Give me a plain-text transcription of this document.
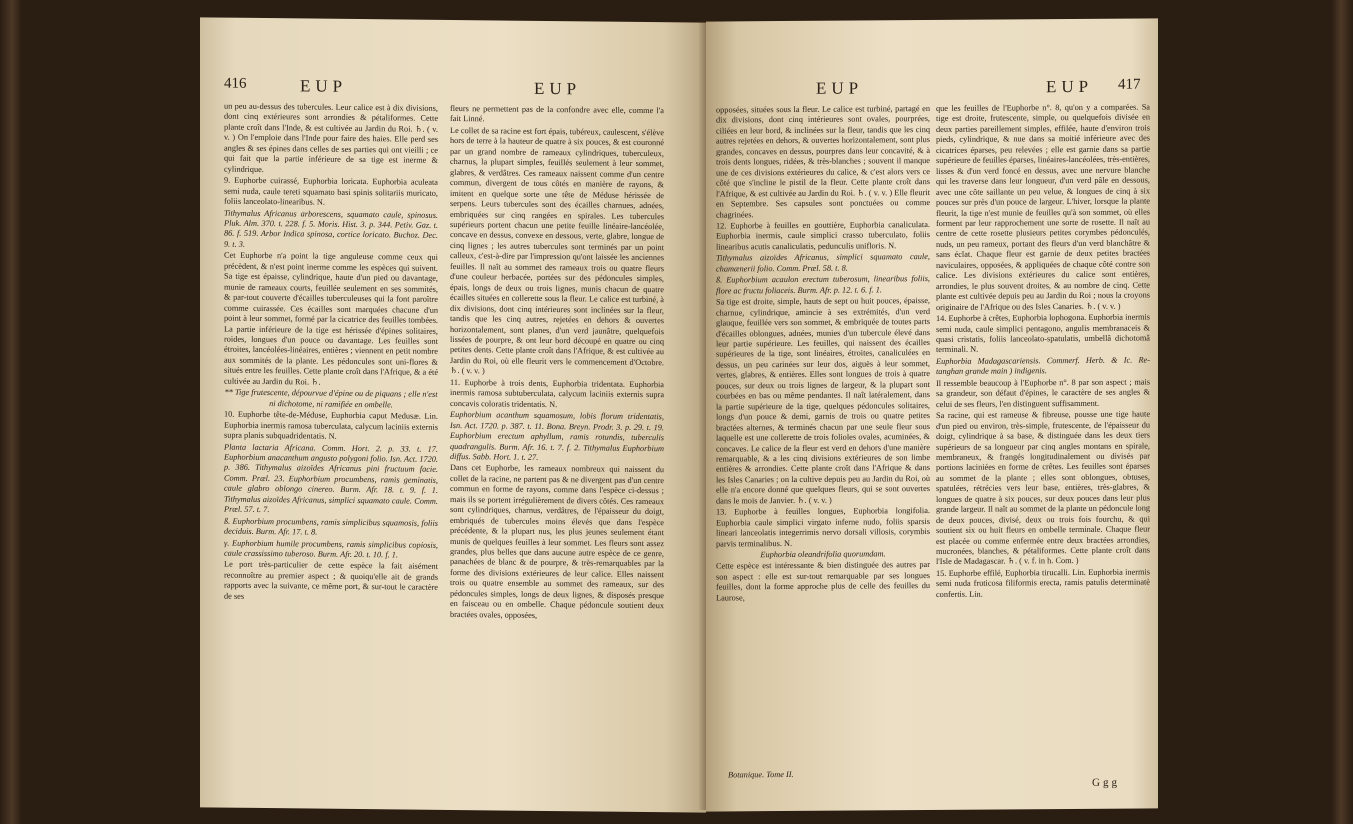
416	EUP	EUP

un peu au-dessus des tubercules. Leur calice est à dix divisions, dont cinq extérieures sont arrondies & pétaliformes. Cette plante croît dans l'Inde, & est cultivée au Jardin du Roi. ♄. ( v. v. ) On l'emploie dans l'Inde pour faire des haies. Elle perd ses angles & ses épines dans celles de ses parties qui ont vieilli ; ce qui fait que la partie inférieure de sa tige est inerme & cylindrique.

9. Euphorbe cuirassé, Euphorbia loricata. Euphorbia aculeata semi nuda, caule tereti squamato basi spinis solitariis muricato, foliis lanceolato-linearibus. N.

Tithymalus Africanus arborescens, squamato caule, spinosus. Pluk. Alm. 370. t. 228. f. 5. Moris. Hist. 3. p. 344. Petiv. Gaz. t. 86. f. 519. Arbor Indica spinosa, cortice loricato. Buchoz. Dec. 9. t. 3.

Cet Euphorbe n'a point la tige anguleuse comme ceux qui précèdent, & n'est point inerme comme les espèces qui suivent. Sa tige est épaisse, cylindrique, haute d'un pied ou davantage, munie de rameaux courts, feuillée seulement en ses sommités, & par-tout couverte d'écailles tuberculeuses qui la font paroître comme cuirassée. Ces écailles sont marquées chacune d'un point à leur sommet, formé par la cicatrice des feuilles tombées. La partie inférieure de la tige est hérissée d'épines solitaires, roides, longues d'un pouce ou davantage. Les feuilles sont étroites, lancéolées-linéaires, entières ; viennent en petit nombre aux sommités de la plante. Les pédoncules sont uni-flores & situés entre les feuilles. Cette plante croît dans l'Afrique, & a été cultivée au Jardin du Roi. ♄.

** Tige frutescente, dépourvue d'épine ou de piquans ; elle n'est ni dichotome, ni ramifiée en ombelle.

10. Euphorbe tête-de-Méduse, Euphorbia caput Medusæ. Lin. Euphorbia inermis ramosa tuberculata, calycum laciniis externis supra planis subquadridentatis. N.

Planta lactaria Africana. Comm. Hort. 2. p. 33. t. 17. Euphorbium anacanthum angusto polygoni folio. Isn. Act. 1720. p. 386. Tithymalus aizoïdes Africanus pini fructuum facie. Comm. Præl. 23. Euphorbium procumbens, ramis geminatis, caule glabro oblongo cinereo. Burm. Afr. 18. t. 9. f. 1. Tithymalus aizoïdes Africanus, simplici squamato caule. Comm. Præl. 57. t. 7.

ß. Euphorbium procumbens, ramis simplicibus squamosis, foliis deciduis. Burm. Afr. 17. t. 8.

γ. Euphorbium humile procumbens, ramis simplicibus copiosis, caule crassissimo tuberoso. Burm. Afr. 20. t. 10. f. 1.

Le port très-particulier de cette espèce la fait aisément reconnoître au premier aspect ; & quoiqu'elle ait de grands rapports avec la suivante, ce même port, & sur-tout le caractère de ses

fleurs ne permettent pas de la confondre avec elle, comme l'a fait Linné.

Le collet de sa racine est fort épais, tubéreux, caulescent, s'élève hors de terre à la hauteur de quatre à six pouces, & est couronné par un grand nombre de rameaux cylindriques, tuberculeux, charnus, la plupart simples, feuillés seulement à leur sommet, glabres, & verdâtres. Ces rameaux naissent comme d'un centre commun, divergent de tous côtés en manière de rayons, & imitent en quelque sorte une tête de Méduse hérissée de serpens. Leurs tubercules sont des écailles charnues, adnées, embriquées sur cinq rangées en spirales. Les tubercules supérieurs portent chacun une petite feuille linéaire-lancéolée, concave en dessus, convexe en dessous, verte, glabre, longue de cinq lignes ; les autres tubercules sont terminés par un point calleux, c'est-à-dire par l'impression qu'ont laissée les anciennes feuilles. Il naît au sommet des rameaux trois ou quatre fleurs d'une couleur herbacée, portées sur des pédoncules simples, épais, longs de deux ou trois lignes, munis chacun de quatre écailles situées en collerette sous la fleur. Le calice est turbiné, à dix divisions, dont cinq intérieures sont inclinées sur la fleur, tandis que les cinq autres, rejetées en dehors & ouvertes horizontalement, sont planes, d'un verd jaunâtre, quelquefois lissées de pourpre, & ont leur bord découpé en quatre ou cinq petites dents. Cette plante croît dans l'Afrique, & est cultivée au Jardin du Roi, où elle fleurit vers le commencement d'Octobre. ♄. ( v. v. )

11. Euphorbe à trois dents, Euphorbia tridentata. Euphorbia inermis ramosa subtuberculata, calycum laciniis externis supra concavis coloratis tridentatis. N.

Euphorbium acanthum squamosum, lobis florum tridentatis, Isn. Act. 1720. p. 387. t. 11. Bona. Breyn. Prodr. 3. p. 29. t. 19. Euphorbium erectum aphyllum, ramis rotundis, tuberculis quadrangulis. Burm. Afr. 16. t. 7. f. 2. Tithymalus Euphorbium diffus. Sabb. Hort. 1. t. 27.

Dans cet Euphorbe, les rameaux nombreux qui naissent du collet de la racine, ne partent pas & ne divergent pas d'un centre commun en forme de rayons, comme dans l'espèce ci-dessus ; mais ils se portent irrégulièrement de divers côtés. Ces rameaux sont cylindriques, charnus, verdâtres, de l'épaisseur du doigt, embriqués de tubercules moins élevés que dans l'espèce précédente, & la plupart nus, les plus jeunes seulement étant munis de quelques feuilles à leur sommet. Les fleurs sont assez grandes, plus belles que dans aucune autre espèce de ce genre, panachées de blanc & de pourpre, & très-remarquables par la forme des divisions extérieures de leur calice. Elles naissent trois ou quatre ensemble au sommet des rameaux, sur des pédoncules simples, longs de deux lignes, & disposés presque en faisceau ou en ombelle. Chaque pédoncule soutient deux bractées ovales, opposées,

EUP	EUP 417

opposées, situées sous la fleur. Le calice est turbiné, partagé en dix divisions, dont cinq intérieures sont ovales, pourprées, ciliées en leur bord, & inclinées sur la fleur, tandis que les cinq autres rejetées en dehors, & ouvertes horizontalement, sont plus grandes, concaves en dessus, pourpres dans leur concavité, & à trois dents longues, ridées, & très-blanches ; souvent il manque une de ces divisions extérieures du calice, & c'est alors vers ce côté que s'incline le pistil de la fleur. Cette plante croît dans l'Afrique, & est cultivée au Jardin du Roi. ♄. ( v. v. ) Elle fleurit en Septembre. Ses capsules sont ponctuées ou comme chagrinées.

12. Euphorbe à feuilles en gouttière, Euphorbia canaliculata. Euphorbia inermis, caule simplici crasso tuberculato, foliis linearibus acutis canaliculatis, pedunculis unifloris. N.

Tithymalus aizoïdes Africanus, simplici squamato caule, chamænerii folio. Comm. Præl. 58. t. 8.

ß. Euphorbium acaulon erectum tuberosum, linearibus foliis, flore ac fructu foliaceis. Burm. Afr. p. 12. t. 6. f. 1.

Sa tige est droite, simple, hauts de sept ou huit pouces, épaisse, charnue, cylindrique, amincie à ses extrémités, d'un verd glauque, feuillée vers son sommet, & embriquée de toutes parts d'écailles oblongues, adnées, munies d'un tubercule élevé dans leur partie supérieure. Les feuilles, qui naissent des écailles supérieures de la tige, sont linéaires, étroites, canaliculées en dessus, un peu carinées sur leur dos, aiguës à leur sommet, vertes, glabres, & entières. Elles sont longues de trois à quatre pouces, sur deux ou trois lignes de largeur, & la plupart sont courbées en bas ou même pendantes. Il naît latéralement, dans la partie supérieure de la tige, quelques pédoncules solitaires, longs d'un pouce & demi, garnis de trois ou quatre petites bractées alternes, & terminés chacun par une seule fleur sous laquelle est une collerette de trois folioles ovales, acuminées, & concaves. Le calice de la fleur est verd en dehors d'une manière remarquable, & a les cinq divisions extérieures de son limbe entières & arrondies. Cette plante croît dans l'Afrique & dans les Isles Canaries ; on la cultive depuis peu au Jardin du Roi, où elle n'a encore donné que quelques fleurs, qui se sont ouvertes dans le mois de Janvier. ♄. ( v. v. )

13. Euphorbe à feuilles longues, Euphorbia longifolia. Euphorbia caule simplici virgato inferne nudo, foliis sparsis lineari lanceolatis integerrimis nervo dorsali villosis, corymbis parvis terminalibus. N.

Euphorbia oleandrifolia quorumdam.

Cette espèce est intéressante & bien distinguée des autres par son aspect : elle est sur-tout remarquable par ses longues feuilles, dont la forme approche plus de celle des feuilles du Laurose,

que les feuilles de l'Euphorbe n°. 8, qu'on y a comparées. Sa tige est droite, frutescente, simple, ou quelquefois divisée en deux parties pareillement simples, effilée, haute d'environ trois pieds, cylindrique, & nue dans sa moitié inférieure avec des cicatrices éparses, peu relevées ; elle est garnie dans sa partie supérieure de feuilles éparses, linéaires-lancéolées, très-entières, lisses & d'un verd foncé en dessus, avec une nervure blanche qui les traverse dans leur longueur, d'un verd pâle en dessous, avec une côte saillante un peu velue, & longues de cinq à six pouces sur près d'un pouce de largeur. L'hiver, lorsque la plante fleurit, la tige n'est munie de feuilles qu'à son sommet, où elles forment par leur rapprochement une sorte de rosette. Il naît au centre de cette rosette plusieurs petites corymbes pédonculés, nuds, un peu rameux, portant des fleurs d'un verd blanchâtre & sans éclat. Chaque fleur est garnie de deux petites bractées naviculaires, opposées, & appliquées de chaque côté contre son calice. Les divisions extérieures du calice sont entières, arrondies, le plus souvent droites, & au nombre de cinq. Cette plante est cultivée depuis peu au Jardin du Roi ; nous la croyons originaire de l'Afrique ou des Isles Canaries. ♄. ( v. v. )

14. Euphorbe à crêtes, Euphorbia lophogona. Euphorbia inermis semi nuda, caule simplici pentagono, angulis membranaceis & quasi cristatis, foliis lanceolato-spatulatis, umbellâ dichotomâ terminali. N.

Euphorbia Madagascariensis. Commerf. Herb. & Ic. Re-tanghan grande main ) indigenis.

Il ressemble beaucoup à l'Euphorbe n°. 8 par son aspect ; mais sa grandeur, son défaut d'épines, le caractère de ses angles & celui de ses fleurs, l'en distinguent suffisamment.

Sa racine, qui est rameuse & fibreuse, pousse une tige haute d'un pied ou environ, très-simple, frutescente, de l'épaisseur du doigt, cylindrique à sa base, & distinguée dans les deux tiers supérieurs de sa longueur par cinq angles montans en spirale, membraneux, & frangés longitudinalement ou divisés par portions laciniées en forme de crêtes. Les feuilles sont éparses au sommet de la plante ; elles sont oblongues, obtuses, spatulées, rétrécies vers leur base, entières, très-glabres, & longues de quatre à six pouces, sur deux pouces dans leur plus grande largeur. Il naît au sommet de la plante un pédoncule long de deux pouces, divisé, deux ou trois fois fourchu, & qui soutient six ou huit fleurs en ombelle terminale. Chaque fleur est placée ou comme enfermée entre deux bractées arrondies, mucronées, blanches, & pétaliformes. Cette plante croît dans l'Isle de Madagascar. ♄. ( v. f. in h. Com. )

15. Euphorbe effilé, Euphorbia tirucalli. Lin. Euphorbia inermis semi nuda fruticosa filiformis erecta, ramis patulis determinatè confertis. Lin.

Botanique. Tome II.
Ggg
